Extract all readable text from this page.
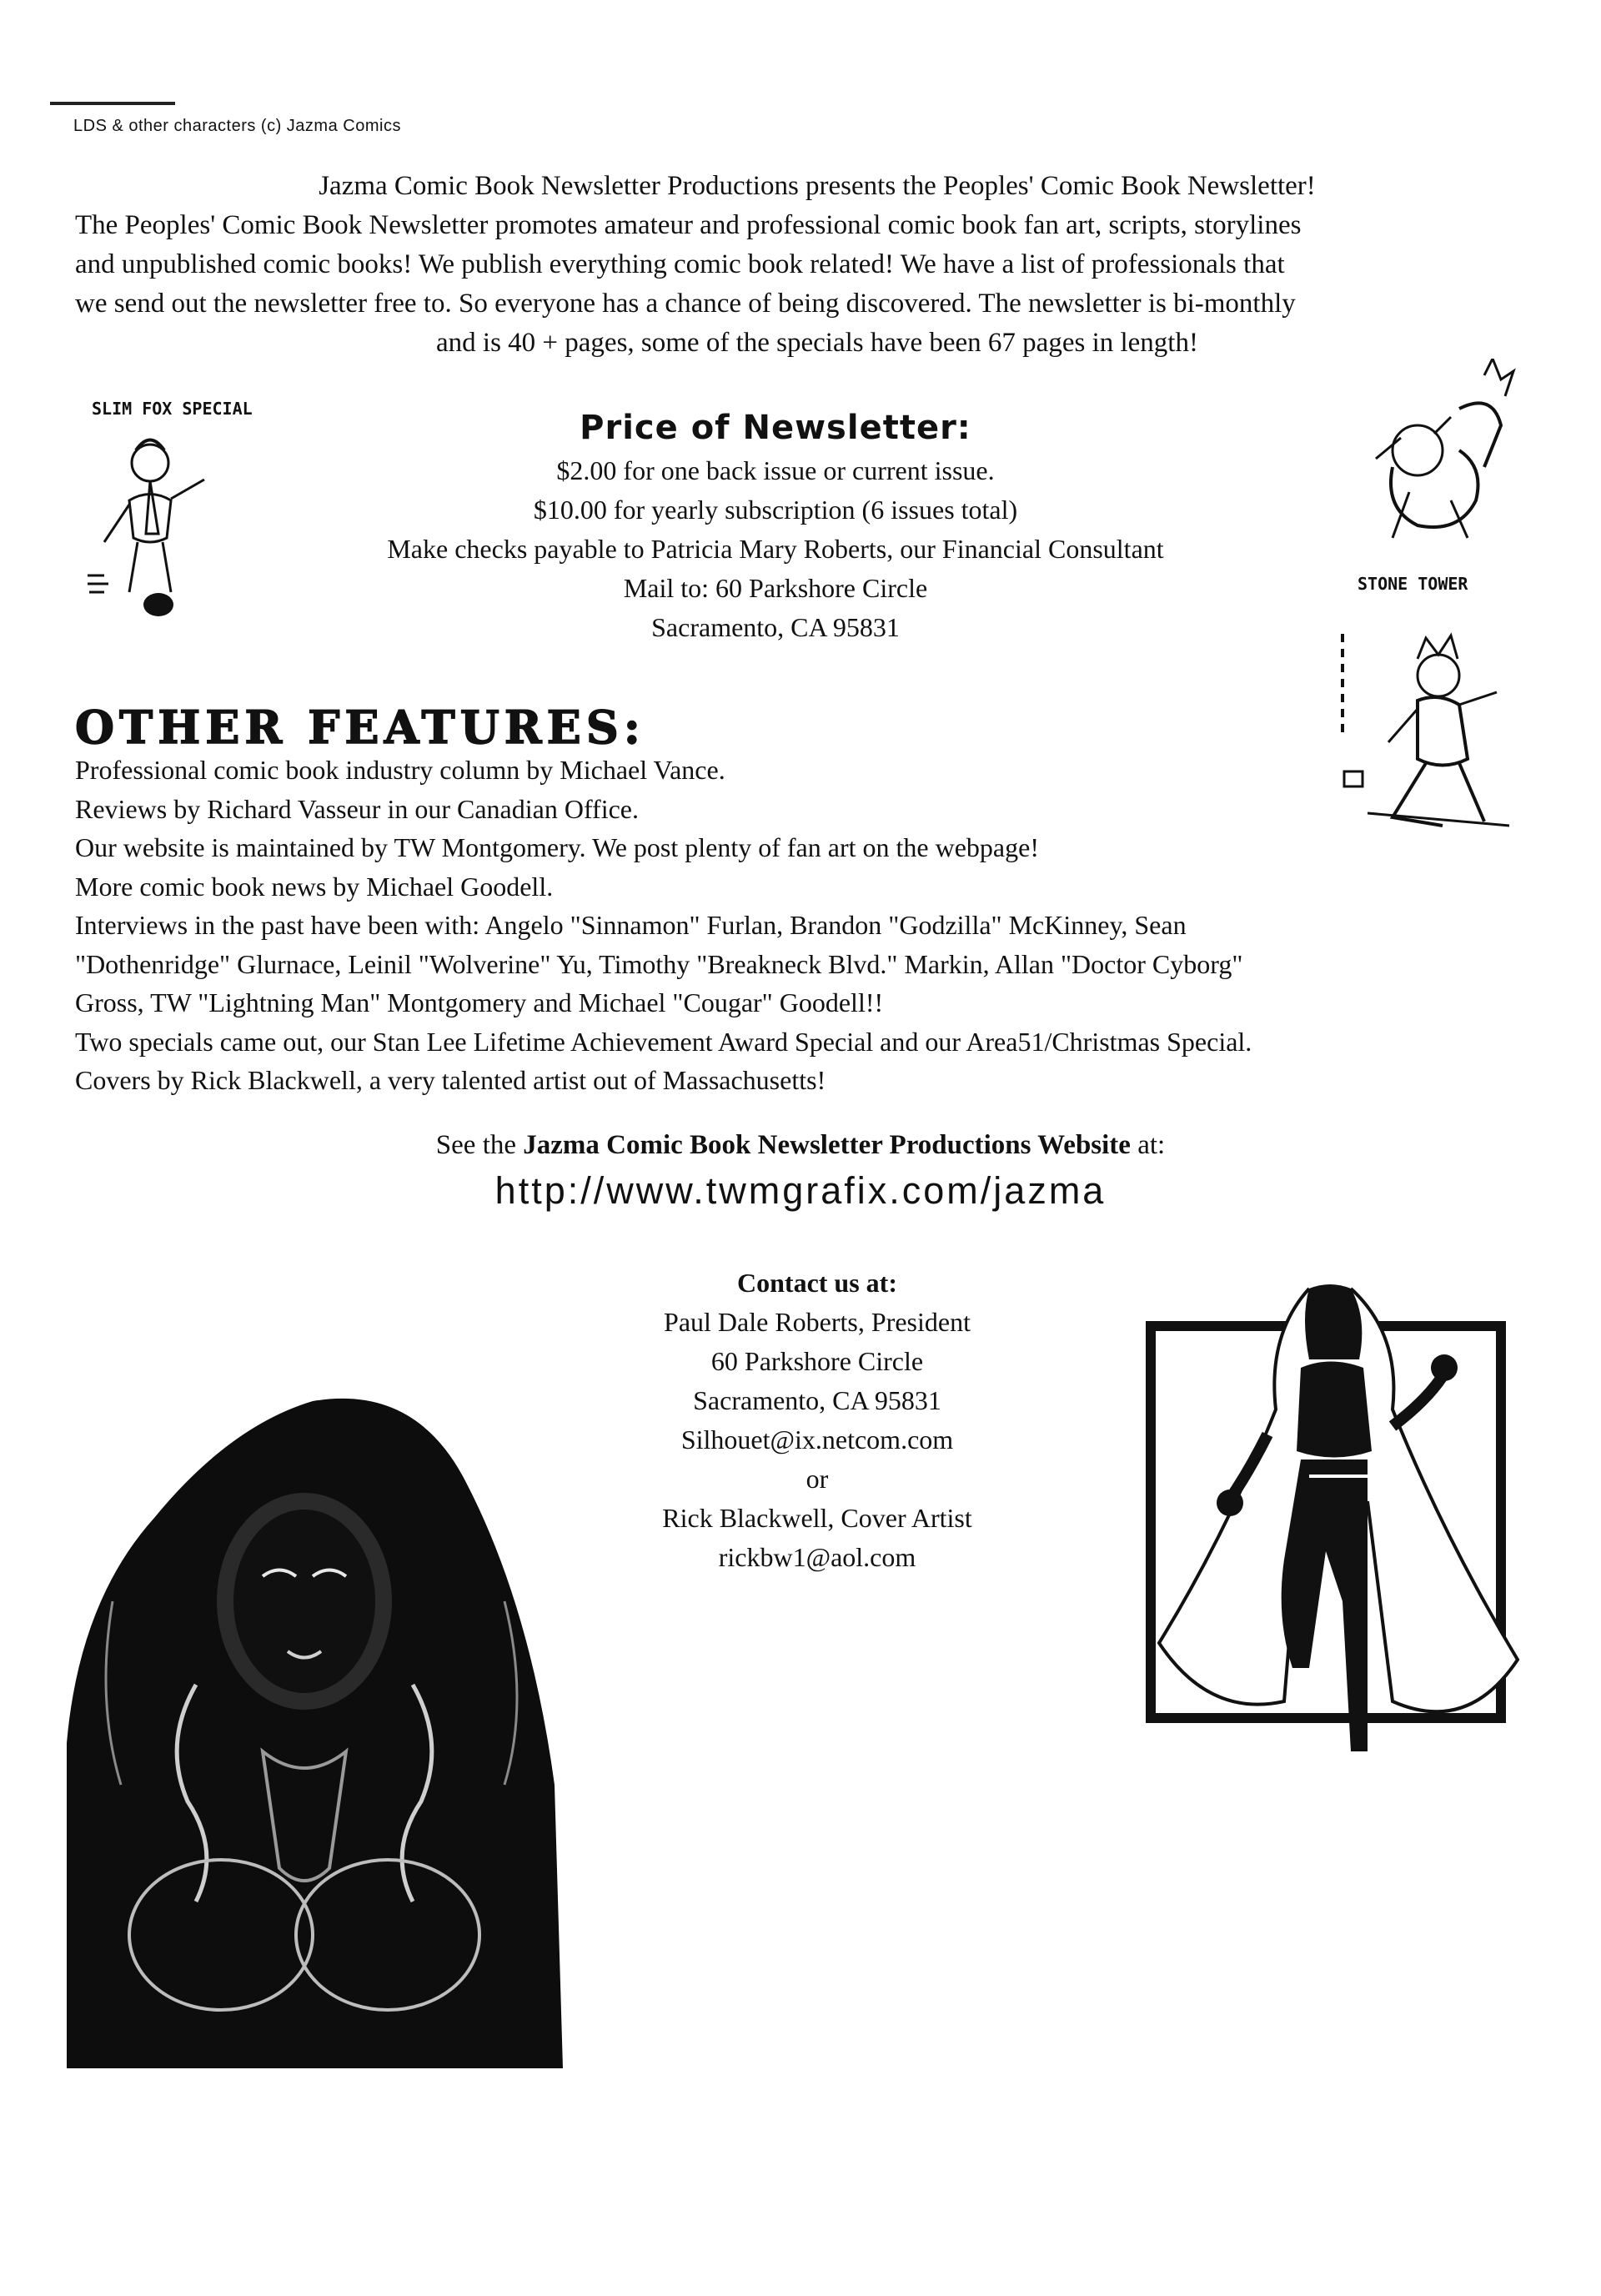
LDS & other characters (c) Jazma Comics
Jazma Comic Book Newsletter Productions presents the Peoples' Comic Book Newsletter!
The Peoples' Comic Book Newsletter promotes amateur and professional comic book fan art, scripts, storylines
and unpublished comic books! We publish everything comic book related! We have a list of professionals that
we send out the newsletter free to. So everyone has a chance of being discovered. The newsletter is bi-monthly
and is 40 + pages, some of the specials have been 67 pages in length!
SLIM FOX SPECIAL
STONE TOWER
Price of Newsletter:
$2.00 for one back issue or current issue.
$10.00 for yearly subscription (6 issues total)
Make checks payable to Patricia Mary Roberts, our Financial Consultant
Mail to: 60 Parkshore Circle
Sacramento, CA 95831
OTHER FEATURES:
Professional comic book industry column by Michael Vance.
Reviews by Richard Vasseur in our Canadian Office.
Our website is maintained by TW Montgomery. We post plenty of fan art on the webpage!
More comic book news by Michael Goodell.
Interviews in the past have been with: Angelo "Sinnamon" Furlan, Brandon "Godzilla" McKinney, Sean
"Dothenridge" Glurnace, Leinil "Wolverine" Yu, Timothy "Breakneck Blvd." Markin, Allan "Doctor Cyborg"
Gross, TW "Lightning Man" Montgomery and Michael "Cougar" Goodell!!
Two specials came out, our Stan Lee Lifetime Achievement Award Special and our Area51/Christmas Special.
Covers by Rick Blackwell, a very talented artist out of Massachusetts!
See the Jazma Comic Book Newsletter Productions Website at:
http://www.twmgrafix.com/jazma
Contact us at:
Paul Dale Roberts, President
60 Parkshore Circle
Sacramento, CA 95831
Silhouet@ix.netcom.com
or
Rick Blackwell, Cover Artist
rickbw1@aol.com
